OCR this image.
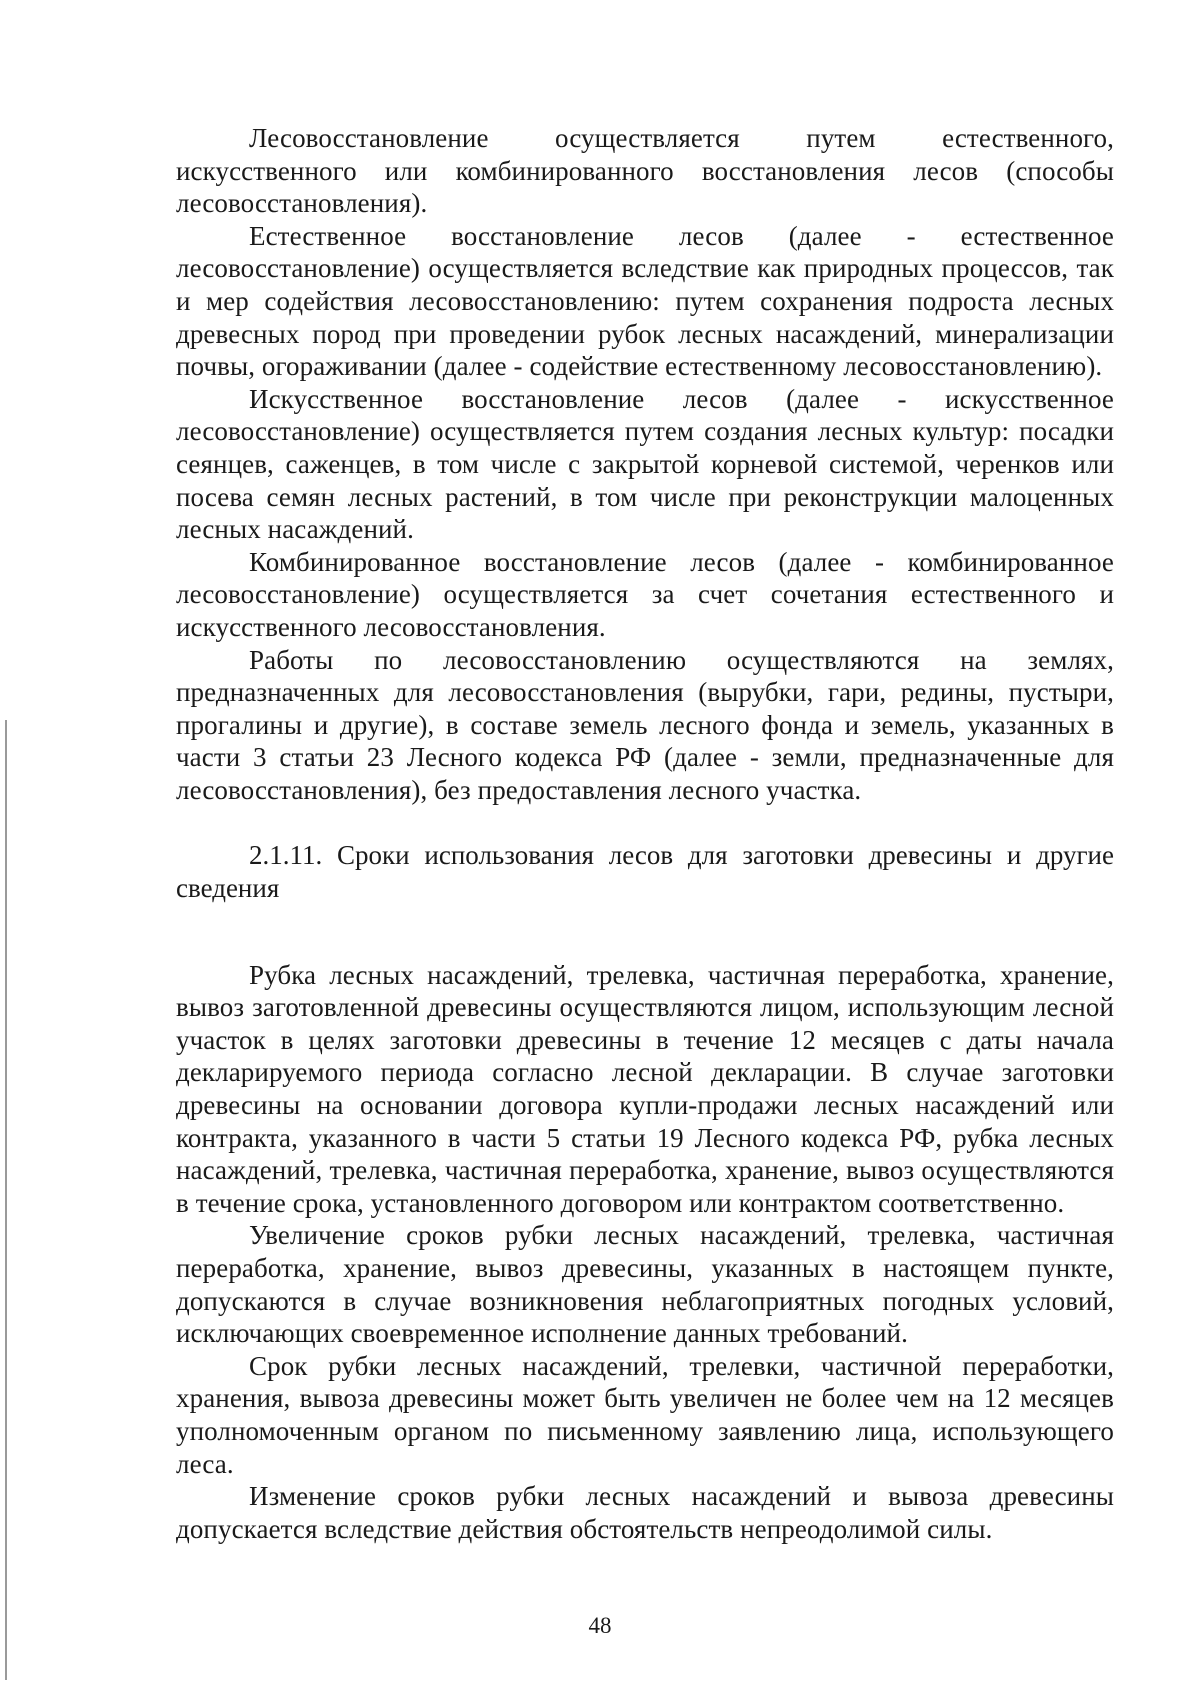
Лесовосстановление осуществляется путем естественного, искусственного или комбинированного восстановления лесов (способы лесовосстановления).

Естественное восстановление лесов (далее - естественное лесовосстановление) осуществляется вследствие как природных процессов, так и мер содействия лесовосстановлению: путем сохранения подроста лесных древесных пород при проведении рубок лесных насаждений, минерализации почвы, огораживании (далее - содействие естественному лесовосстановлению).

Искусственное восстановление лесов (далее - искусственное лесовосстановление) осуществляется путем создания лесных культур: посадки сеянцев, саженцев, в том числе с закрытой корневой системой, черенков или посева семян лесных растений, в том числе при реконструкции малоценных лесных насаждений.

Комбинированное восстановление лесов (далее - комбинированное лесовосстановление) осуществляется за счет сочетания естественного и искусственного лесовосстановления.

Работы по лесовосстановлению осуществляются на землях, предназначенных для лесовосстановления (вырубки, гари, редины, пустыри, прогалины и другие), в составе земель лесного фонда и земель, указанных в части 3 статьи 23 Лесного кодекса РФ (далее - земли, предназначенные для лесовосстановления), без предоставления лесного участка.

2.1.11. Сроки использования лесов для заготовки древесины и другие сведения

Рубка лесных насаждений, трелевка, частичная переработка, хранение, вывоз заготовленной древесины осуществляются лицом, использующим лесной участок в целях заготовки древесины в течение 12 месяцев с даты начала декларируемого периода согласно лесной декларации. В случае заготовки древесины на основании договора купли-продажи лесных насаждений или контракта, указанного в части 5 статьи 19 Лесного кодекса РФ, рубка лесных насаждений, трелевка, частичная переработка, хранение, вывоз осуществляются в течение срока, установленного договором или контрактом соответственно.

Увеличение сроков рубки лесных насаждений, трелевка, частичная переработка, хранение, вывоз древесины, указанных в настоящем пункте, допускаются в случае возникновения неблагоприятных погодных условий, исключающих своевременное исполнение данных требований.

Срок рубки лесных насаждений, трелевки, частичной переработки, хранения, вывоза древесины может быть увеличен не более чем на 12 месяцев уполномоченным органом по письменному заявлению лица, использующего леса.

Изменение сроков рубки лесных насаждений и вывоза древесины допускается вследствие действия обстоятельств непреодолимой силы.

48
